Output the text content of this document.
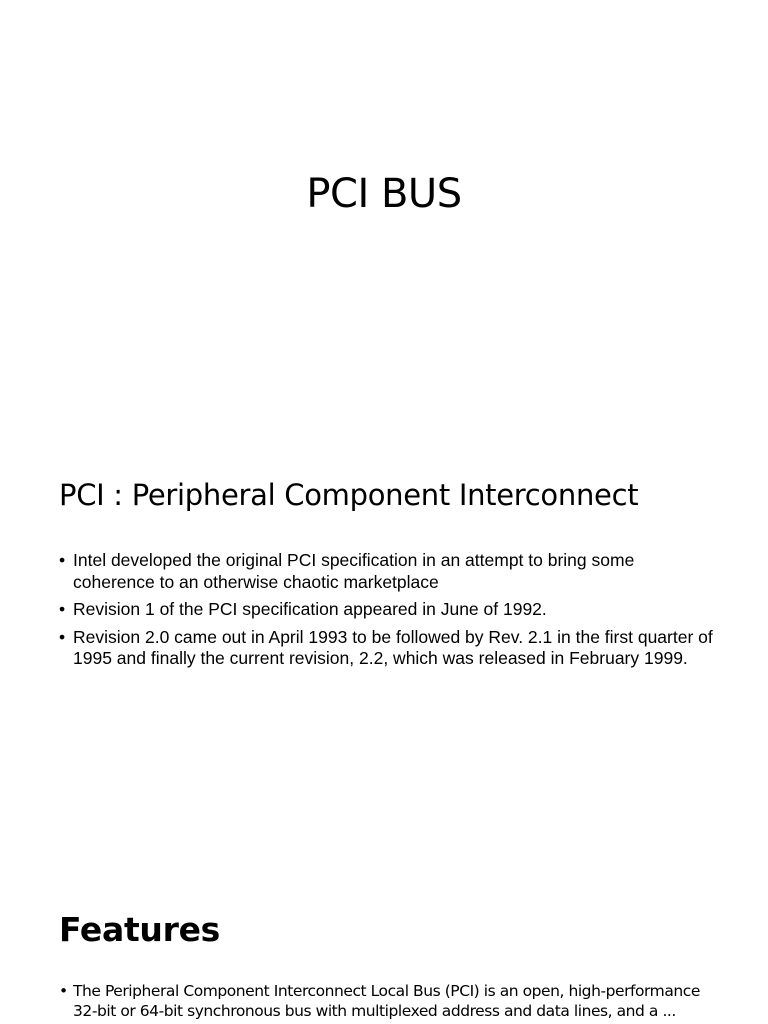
PCI BUS
PCI : Peripheral Component Interconnect
• Intel developed the original PCI specification in an attempt to bring some coherence to an otherwise chaotic marketplace
• Revision 1 of the PCI specification appeared in June of 1992.
• Revision 2.0 came out in April 1993 to be followed by Rev. 2.1 in the first quarter of 1995 and finally the current revision, 2.2, which was released in February 1999.
Features
• The Peripheral Component Interconnect Local Bus (PCI) is an open, high-performance 32-bit or 64-bit synchronous bus with multiplexed address and data lines, and a ...
